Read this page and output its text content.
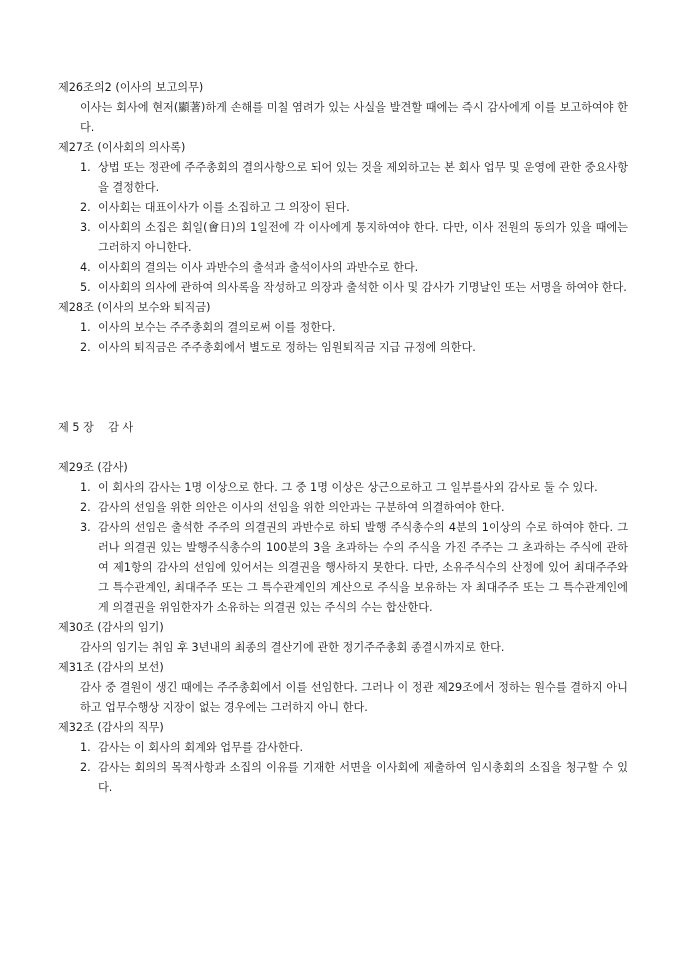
제26조의2 (이사의 보고의무)
이사는 회사에 현저(顯著)하게 손해를 미칠 염려가 있는 사실을 발견할 때에는 즉시 감사에게 이를 보고하여야 한다.
제27조 (이사회의 의사록)
1. 상법 또는 정관에 주주총회의 결의사항으로 되어 있는 것을 제외하고는 본 회사 업무 및 운영에 관한 중요사항을 결정한다.
2. 이사회는 대표이사가 이를 소집하고 그 의장이 된다.
3. 이사회의 소집은 회일(會日)의 1일전에 각 이사에게 통지하여야 한다. 다만, 이사 전원의 동의가 있을 때에는 그러하지 아니한다.
4. 이사회의 결의는 이사 과반수의 출석과 출석이사의 과반수로 한다.
5. 이사회의 의사에 관하여 의사록을 작성하고 의장과 출석한 이사 및 감사가 기명날인 또는 서명을 하여야 한다.
제28조 (이사의 보수와 퇴직금)
1. 이사의 보수는 주주총회의 결의로써 이를 정한다.
2. 이사의 퇴직금은 주주총회에서 별도로 정하는 임원퇴직금 지급 규정에 의한다.
제 5 장    감 사
제29조 (감사)
1. 이 회사의 감사는 1명 이상으로 한다. 그 중 1명 이상은 상근으로하고 그 일부를사외 감사로 둘 수 있다.
2. 감사의 선임을 위한 의안은 이사의 선임을 위한 의안과는 구분하여 의결하여야 한다.
3. 감사의 선임은 출석한 주주의 의결권의 과반수로 하되 발행 주식총수의 4분의 1이상의 수로 하여야 한다. 그러나 의결권 있는 발행주식총수의 100분의 3을 초과하는 수의 주식을 가진 주주는 그 초과하는 주식에 관하여 제1항의 감사의 선임에 있어서는 의결권을 행사하지 못한다. 다만, 소유주식수의 산정에 있어 최대주주와 그 특수관계인, 최대주주 또는 그 특수관계인의 계산으로 주식을 보유하는 자 최대주주 또는 그 특수관계인에게 의결권을 위임한자가 소유하는 의결권 있는 주식의 수는 합산한다.
제30조 (감사의 임기)
감사의 임기는 취임 후 3년내의 최종의 결산기에 관한 정기주주총회 종결시까지로 한다.
제31조 (감사의 보선)
감사 중 결원이 생긴 때에는 주주총회에서 이를 선임한다. 그러나 이 정관 제29조에서 정하는 원수를 결하지 아니하고 업무수행상 지장이 없는 경우에는 그러하지 아니 한다.
제32조 (감사의 직무)
1. 감사는 이 회사의 회계와 업무를 감사한다.
2. 감사는 회의의 목적사항과 소집의 이유를 기재한 서면을 이사회에 제출하여 임시총회의 소집을 청구할 수 있다.
